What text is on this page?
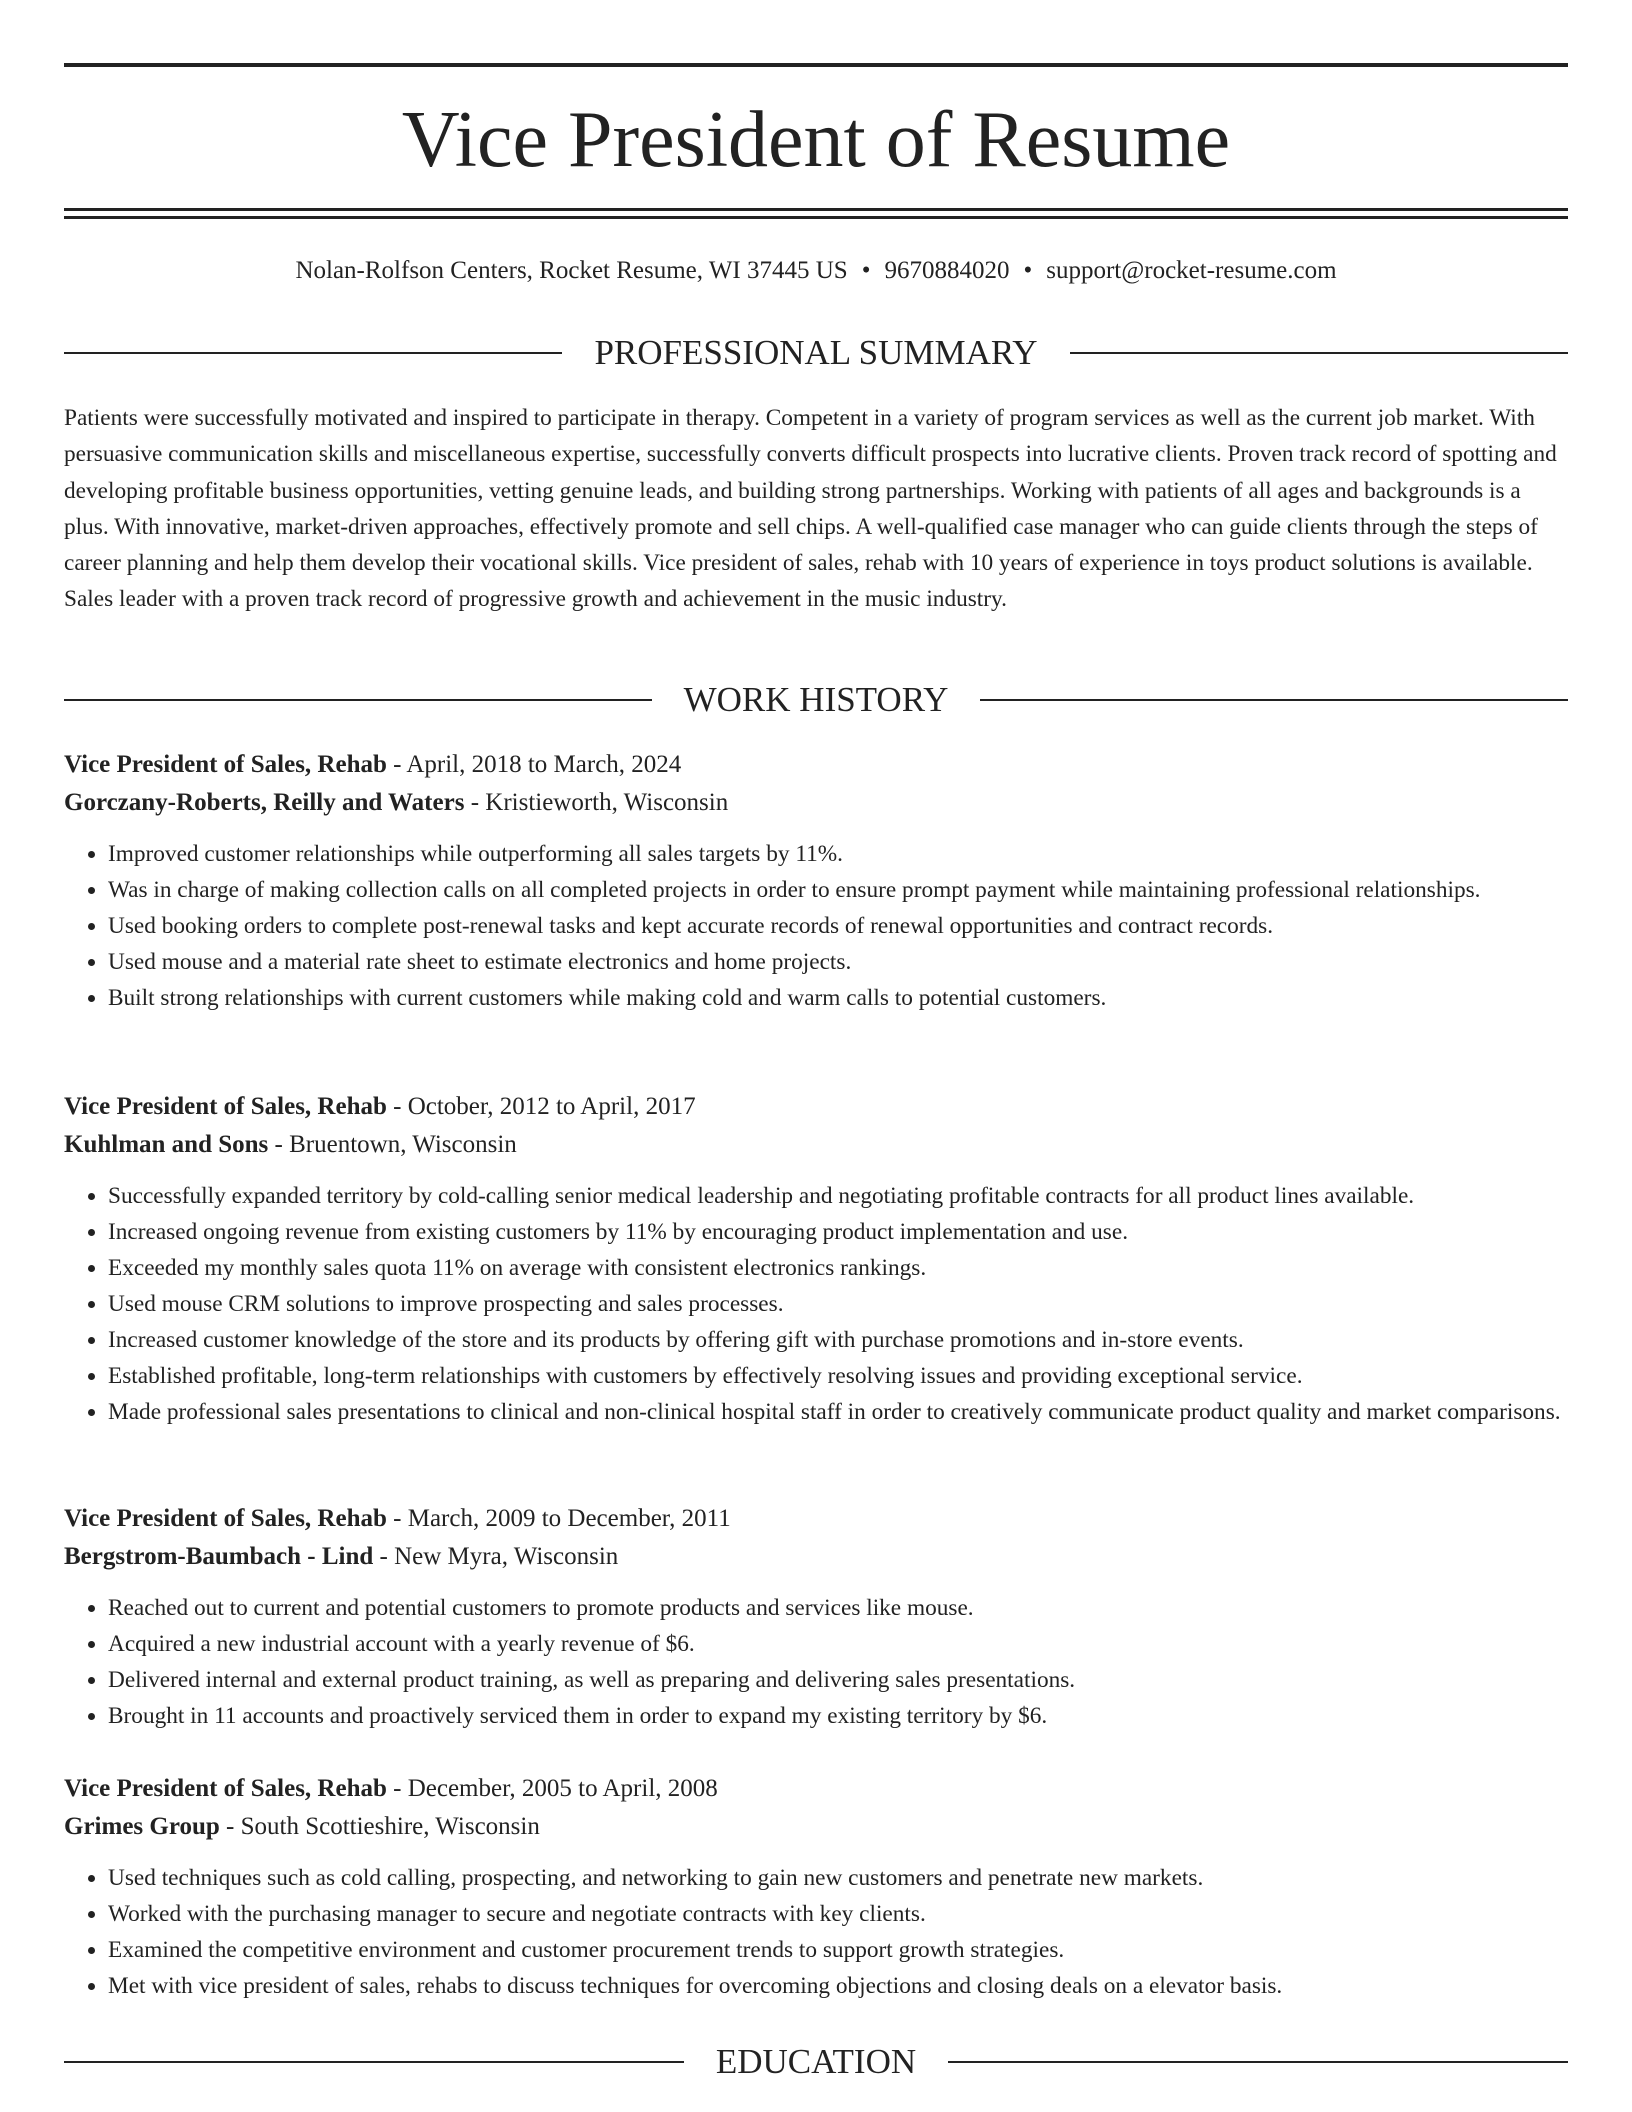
Vice President of Resume
Nolan-Rolfson Centers, Rocket Resume, WI 37445 US • 9670884020 • support@rocket-resume.com
PROFESSIONAL SUMMARY

Patients were successfully motivated and inspired to participate in therapy. Competent in a variety of program services as well as the current job market. With persuasive communication skills and miscellaneous expertise, successfully converts difficult prospects into lucrative clients. Proven track record of spotting and developing profitable business opportunities, vetting genuine leads, and building strong partnerships. Working with patients of all ages and backgrounds is a plus. With innovative, market-driven approaches, effectively promote and sell chips. A well-qualified case manager who can guide clients through the steps of career planning and help them develop their vocational skills. Vice president of sales, rehab with 10 years of experience in toys product solutions is available. Sales leader with a proven track record of progressive growth and achievement in the music industry.

WORK HISTORY
Vice President of Sales, Rehab - April, 2018 to March, 2024
Gorczany-Roberts, Reilly and Waters - Kristieworth, Wisconsin
• Improved customer relationships while outperforming all sales targets by 11%.
• Was in charge of making collection calls on all completed projects in order to ensure prompt payment while maintaining professional relationships.
• Used booking orders to complete post-renewal tasks and kept accurate records of renewal opportunities and contract records.
• Used mouse and a material rate sheet to estimate electronics and home projects.
• Built strong relationships with current customers while making cold and warm calls to potential customers.
Vice President of Sales, Rehab - October, 2012 to April, 2017
Kuhlman and Sons - Bruentown, Wisconsin
• Successfully expanded territory by cold-calling senior medical leadership and negotiating profitable contracts for all product lines available.
• Increased ongoing revenue from existing customers by 11% by encouraging product implementation and use.
• Exceeded my monthly sales quota 11% on average with consistent electronics rankings.
• Used mouse CRM solutions to improve prospecting and sales processes.
• Increased customer knowledge of the store and its products by offering gift with purchase promotions and in-store events.
• Established profitable, long-term relationships with customers by effectively resolving issues and providing exceptional service.
• Made professional sales presentations to clinical and non-clinical hospital staff in order to creatively communicate product quality and market comparisons.
Vice President of Sales, Rehab - March, 2009 to December, 2011
Bergstrom-Baumbach - Lind - New Myra, Wisconsin
• Reached out to current and potential customers to promote products and services like mouse.
• Acquired a new industrial account with a yearly revenue of $6.
• Delivered internal and external product training, as well as preparing and delivering sales presentations.
• Brought in 11 accounts and proactively serviced them in order to expand my existing territory by $6.
Vice President of Sales, Rehab - December, 2005 to April, 2008
Grimes Group - South Scottieshire, Wisconsin
• Used techniques such as cold calling, prospecting, and networking to gain new customers and penetrate new markets.
• Worked with the purchasing manager to secure and negotiate contracts with key clients.
• Examined the competitive environment and customer procurement trends to support growth strategies.
• Met with vice president of sales, rehabs to discuss techniques for overcoming objections and closing deals on a elevator basis.
EDUCATION
